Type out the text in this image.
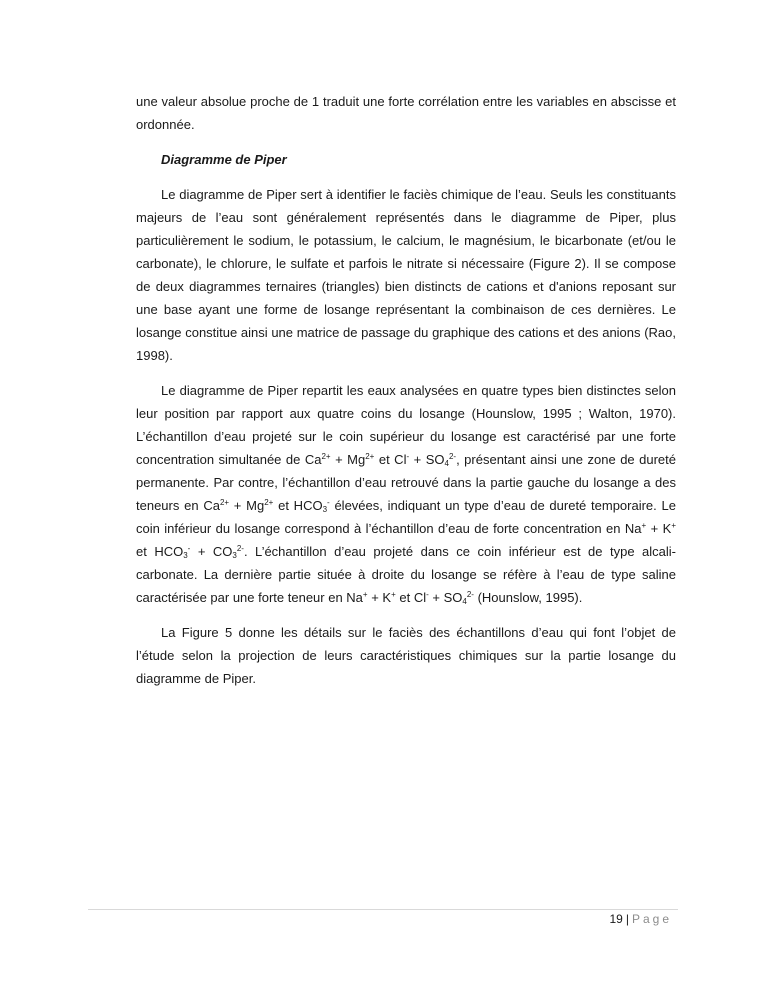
une valeur absolue proche de 1 traduit une forte corrélation entre les variables en abscisse et ordonnée.

Diagramme de Piper

Le diagramme de Piper sert à identifier le faciès chimique de l’eau. Seuls les constituants majeurs de l’eau sont généralement représentés dans le diagramme de Piper, plus particulièrement le sodium, le potassium, le calcium, le magnésium, le bicarbonate (et/ou le carbonate), le chlorure, le sulfate et parfois le nitrate si nécessaire (Figure 2). Il se compose de deux diagrammes ternaires (triangles) bien distincts de cations et d'anions reposant sur une base ayant une forme de losange représentant la combinaison de ces dernières. Le losange constitue ainsi une matrice de passage du graphique des cations et des anions (Rao, 1998).

Le diagramme de Piper repartit les eaux analysées en quatre types bien distinctes selon leur position par rapport aux quatre coins du losange (Hounslow, 1995 ; Walton, 1970). L’échantillon d’eau projeté sur le coin supérieur du losange est caractérisé par une forte concentration simultanée de $Ca^{2+} + Mg^{2+}$ et $Cl^- + SO_4^{2-}$, présentant ainsi une zone de dureté permanente. Par contre, l’échantillon d’eau retrouvé dans la partie gauche du losange a des teneurs en $Ca^{2+} + Mg^{2+}$ et $HCO_3^-$ élevées, indiquant un type d’eau de dureté temporaire. Le coin inférieur du losange correspond à l’échantillon d’eau de forte concentration en Na+ + K+ et $HCO_3^- + CO_3^{2-}$. L’échantillon d’eau projeté dans ce coin inférieur est de type alcali-carbonate. La dernière partie située à droite du losange se réfère à l’eau de type saline caractérisée par une forte teneur en Na+ + K+ et $Cl^- + SO_4^{2-}$ (Hounslow, 1995).

La Figure 5 donne les détails sur le faciès des échantillons d’eau qui font l’objet de l’étude selon la projection de leurs caractéristiques chimiques sur la partie losange du diagramme de Piper.

19 | Page
